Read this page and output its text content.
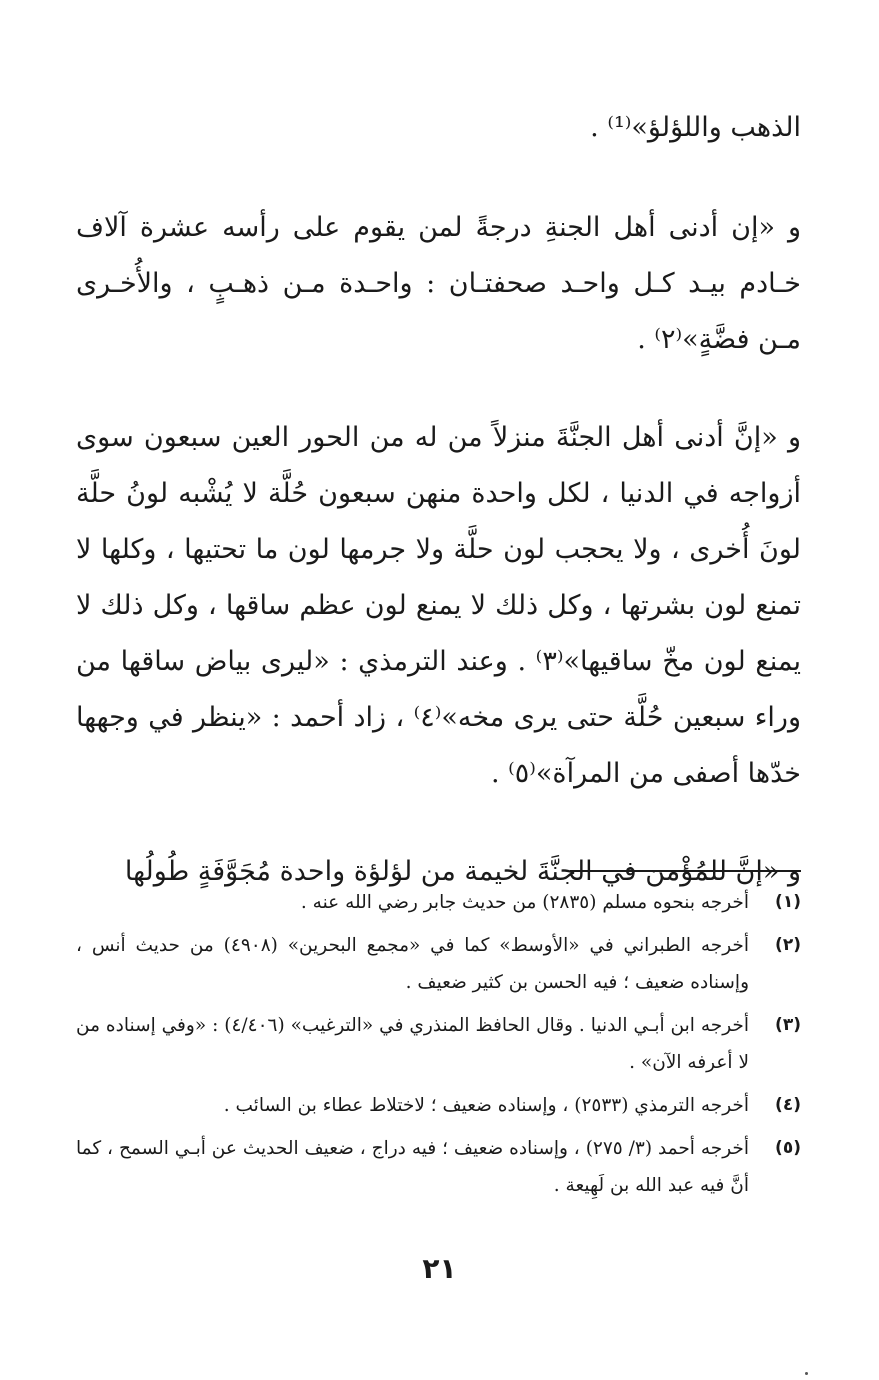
الذهب واللؤلؤ»⁽¹⁾ .

و «إن أدنى أهل الجنةِ درجةً لمن يقوم على رأسه عشرة آلاف خـادم بيـد كـل واحـد صحفتـان : واحـدة مـن ذهـبٍ ، والأُخـرى مـن فضَّةٍ»⁽٢⁾ .

و «إنَّ أدنى أهل الجنَّةَ منزلاً من له من الحور العين سبعون سوى أزواجه في الدنيا ، لكل واحدة منهن سبعون حُلَّة لا يُشْبه لونُ حلَّة لونَ أُخرى ، ولا يحجب لون حلَّة ولا جرمها لون ما تحتيها ، وكلها لا تمنع لون بشرتها ، وكل ذلك لا يمنع لون عظم ساقها ، وكل ذلك لا يمنع لون مخّ ساقيها»⁽٣⁾ . وعند الترمذي : «ليرى بياض ساقها من وراء سبعين حُلَّة حتى يرى مخه»⁽٤⁾ ، زاد أحمد : «ينظر في وجهها خدّها أصفى من المرآة»⁽٥⁾ .

و «إنَّ للمُؤْمن في الجنَّةَ لخيمة من لؤلؤة واحدة مُجَوَّفَةٍ طُولُها

(١)
أخرجه بنحوه مسلم (٢٨٣٥) من حديث جابر رضي الله عنه .
(٢)
أخرجه الطبراني في «الأوسط» كما في «مجمع البحرين» (٤٩٠٨) من حديث أنس ، وإسناده ضعيف ؛ فيه الحسن بن كثير ضعيف .
(٣)
أخرجه ابن أبـي الدنيا . وقال الحافظ المنذري في «الترغيب» (٤/٤٠٦) : «وفي إسناده من لا أعرفه الآن» .
(٤)
أخرجه الترمذي (٢٥٣٣) ، وإسناده ضعيف ؛ لاختلاط عطاء بن السائب .
(٥)
أخرجه أحمد (٣/ ٢٧٥) ، وإسناده ضعيف ؛ فيه دراج ، ضعيف الحديث عن أبـي السمح ، كما أنَّ فيه عبد الله بن لَهِيعة .
٢١
